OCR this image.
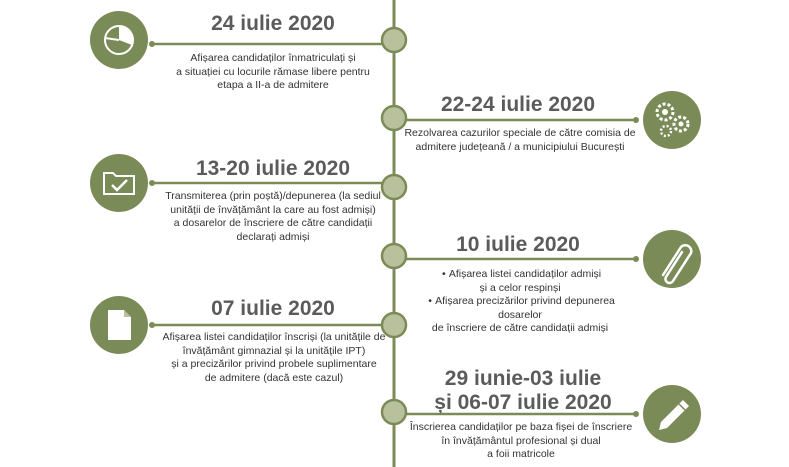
24 iulie 2020
Afișarea candidaților înmatriculați și
a situației cu locurile rămase libere pentru
etapa a II-a de admitere
22-24 iulie 2020
Rezolvarea cazurilor speciale de către comisia de
admitere județeană / a municipiului București
13-20 iulie 2020
Transmiterea (prin poștă)/depunerea (la sediul
unității de învățământ la care au fost admiși)
a dosarelor de înscriere de către candidații
declarați admiși	10 iulie 2020
• Afișarea listei candidaților admiși
și a celor respinși
• Afișarea precizărilor privind depunerea dosarelor
de înscriere de către candidații admiși
07 iulie 2020
Afișarea listei candidaților înscriși (la unitățile de
învățământ gimnazial și la unitățile IPT)
și a precizărilor privind probele suplimentare
de admitere (dacă este cazul)	29 iunie-03 iulie
și 06-07 iulie 2020
Înscrierea candidaților pe baza fișei de înscriere
în învățământul profesional și dual
a foii matricole
